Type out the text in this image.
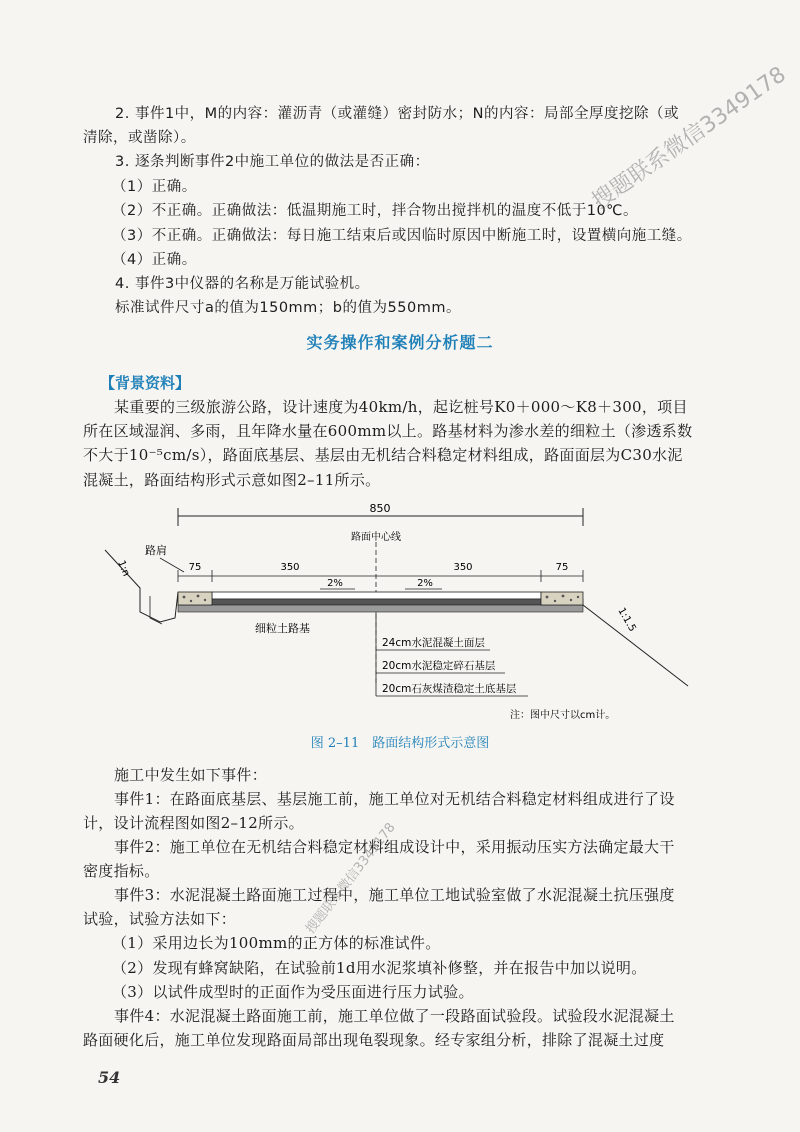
2. 事件1中，M的内容：灌沥青（或灌缝）密封防水；N的内容：局部全厚度挖除（或
清除，或凿除）。
3. 逐条判断事件2中施工单位的做法是否正确：
（1）正确。
（2）不正确。正确做法：低温期施工时，拌合物出搅拌机的温度不低于10℃。
（3）不正确。正确做法：每日施工结束后或因临时原因中断施工时，设置横向施工缝。
（4）正确。
4. 事件3中仪器的名称是万能试验机。
标准试件尺寸a的值为150mm；b的值为550mm。
实务操作和案例分析题二
【背景资料】
某重要的三级旅游公路，设计速度为40km/h，起讫桩号K0＋000～K8＋300，项目
所在区域湿润、多雨，且年降水量在600mm以上。路基材料为渗水差的细粒土（渗透系数
不大于10⁻⁵cm/s），路面底基层、基层由无机结合料稳定材料组成，路面面层为C30水泥
混凝土，路面结构形式示意如图2–11所示。
850
路面中心线
路肩
75	350	350	75
2%	2%
1:n
1:1.5
细粒土路基
24cm水泥混凝土面层
20cm水泥稳定碎石基层
20cm石灰煤渣稳定土底基层
注：图中尺寸以cm计。
图 2–11　路面结构形式示意图
施工中发生如下事件：
事件1：在路面底基层、基层施工前，施工单位对无机结合料稳定材料组成进行了设
计，设计流程图如图2–12所示。
事件2：施工单位在无机结合料稳定材料组成设计中，采用振动压实方法确定最大干
密度指标。
事件3：水泥混凝土路面施工过程中，施工单位工地试验室做了水泥混凝土抗压强度
试验，试验方法如下：
（1）采用边长为100mm的正方体的标准试件。
（2）发现有蜂窝缺陷，在试验前1d用水泥浆填补修整，并在报告中加以说明。
（3）以试件成型时的正面作为受压面进行压力试验。
事件4：水泥混凝土路面施工前，施工单位做了一段路面试验段。试验段水泥混凝土
路面硬化后，施工单位发现路面局部出现龟裂现象。经专家组分析，排除了混凝土过度
54
搜题联系微信3349178
搜题联系微信3349178
